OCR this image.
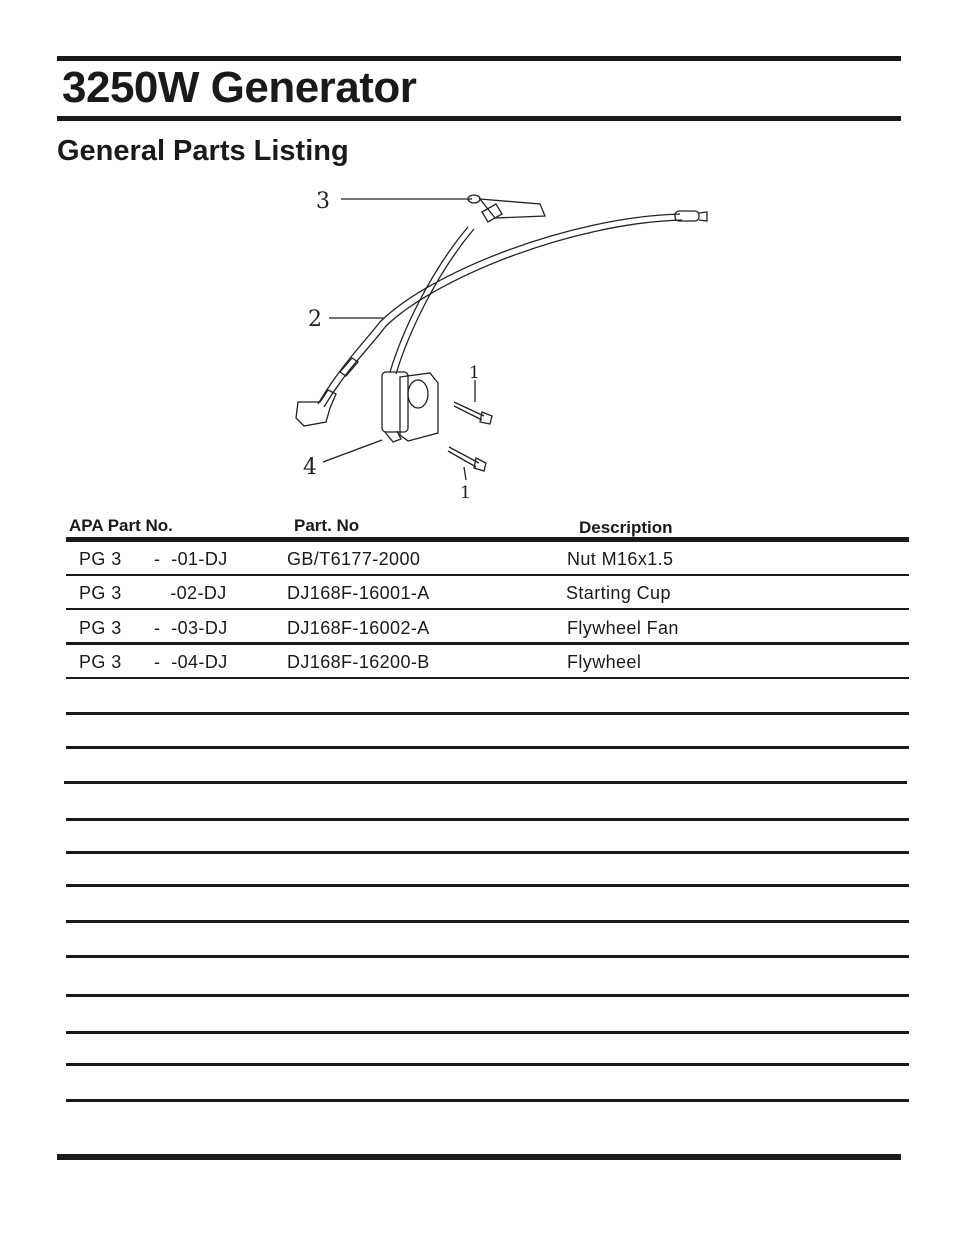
3250W Generator
General Parts Listing
3
2
1
4
1
APA Part No.	Part. No	Description
PG 3      -  -01-DJ	GB/T6177-2000	Nut M16x1.5
PG 3         -02-DJ	DJ168F-16001-A	Starting Cup
PG 3      -  -03-DJ	DJ168F-16002-A	Flywheel Fan
PG 3      -  -04-DJ	DJ168F-16200-B	Flywheel
